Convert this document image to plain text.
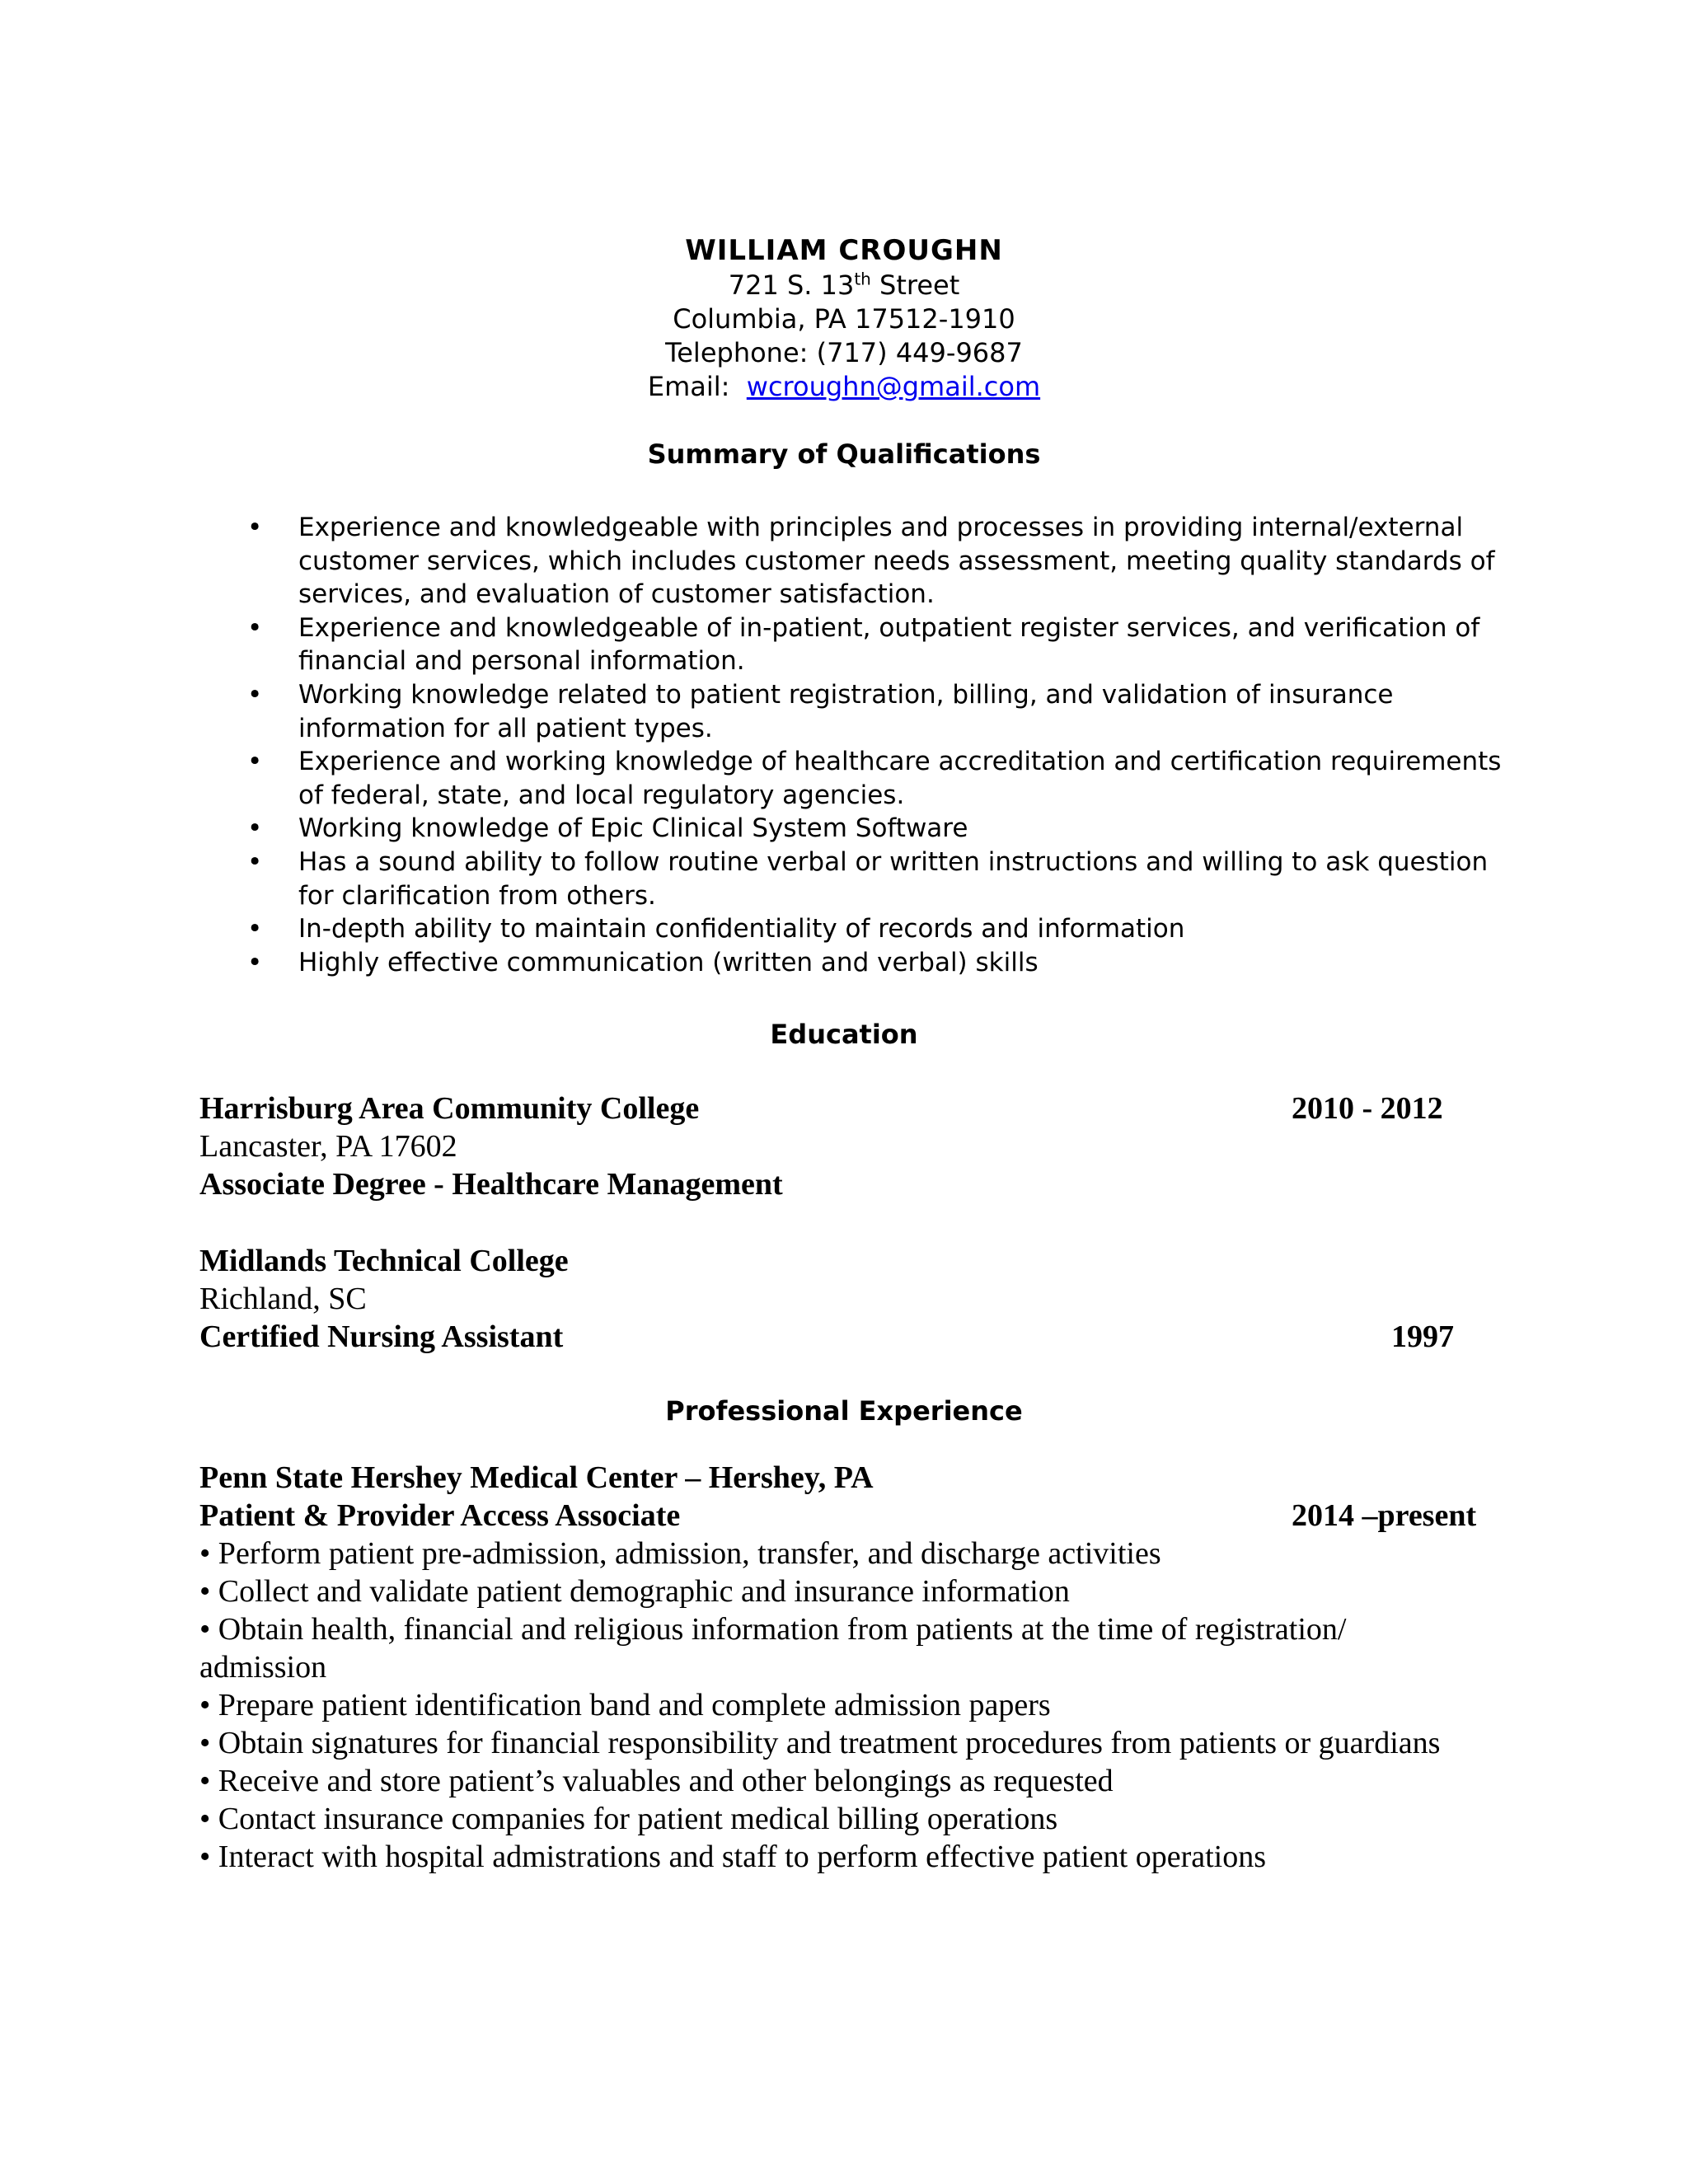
WILLIAM CROUGHN
721 S. 13th Street
Columbia, PA 17512-1910
Telephone: (717) 449-9687
Email: wcroughn@gmail.com
Summary of Qualifications
• Experience and knowledgeable with principles and processes in providing internal/external customer services, which includes customer needs assessment, meeting quality standards of services, and evaluation of customer satisfaction.
• Experience and knowledgeable of in-patient, outpatient register services, and verification of financial and personal information.
• Working knowledge related to patient registration, billing, and validation of insurance information for all patient types.
• Experience and working knowledge of healthcare accreditation and certification requirements of federal, state, and local regulatory agencies.
• Working knowledge of Epic Clinical System Software
• Has a sound ability to follow routine verbal or written instructions and willing to ask question for clarification from others.
• In-depth ability to maintain confidentiality of records and information
• Highly effective communication (written and verbal) skills
Education
Harrisburg Area Community College	2010 - 2012
Lancaster, PA 17602
Associate Degree - Healthcare Management
Midlands Technical College
Richland, SC
Certified Nursing Assistant	1997
Professional Experience
Penn State Hershey Medical Center – Hershey, PA
Patient & Provider Access Associate	2014 –present
• Perform patient pre-admission, admission, transfer, and discharge activities
• Collect and validate patient demographic and insurance information
• Obtain health, financial and religious information from patients at the time of registration/ admission
• Prepare patient identification band and complete admission papers
• Obtain signatures for financial responsibility and treatment procedures from patients or guardians
• Receive and store patient’s valuables and other belongings as requested
• Contact insurance companies for patient medical billing operations
• Interact with hospital admistrations and staff to perform effective patient operations
